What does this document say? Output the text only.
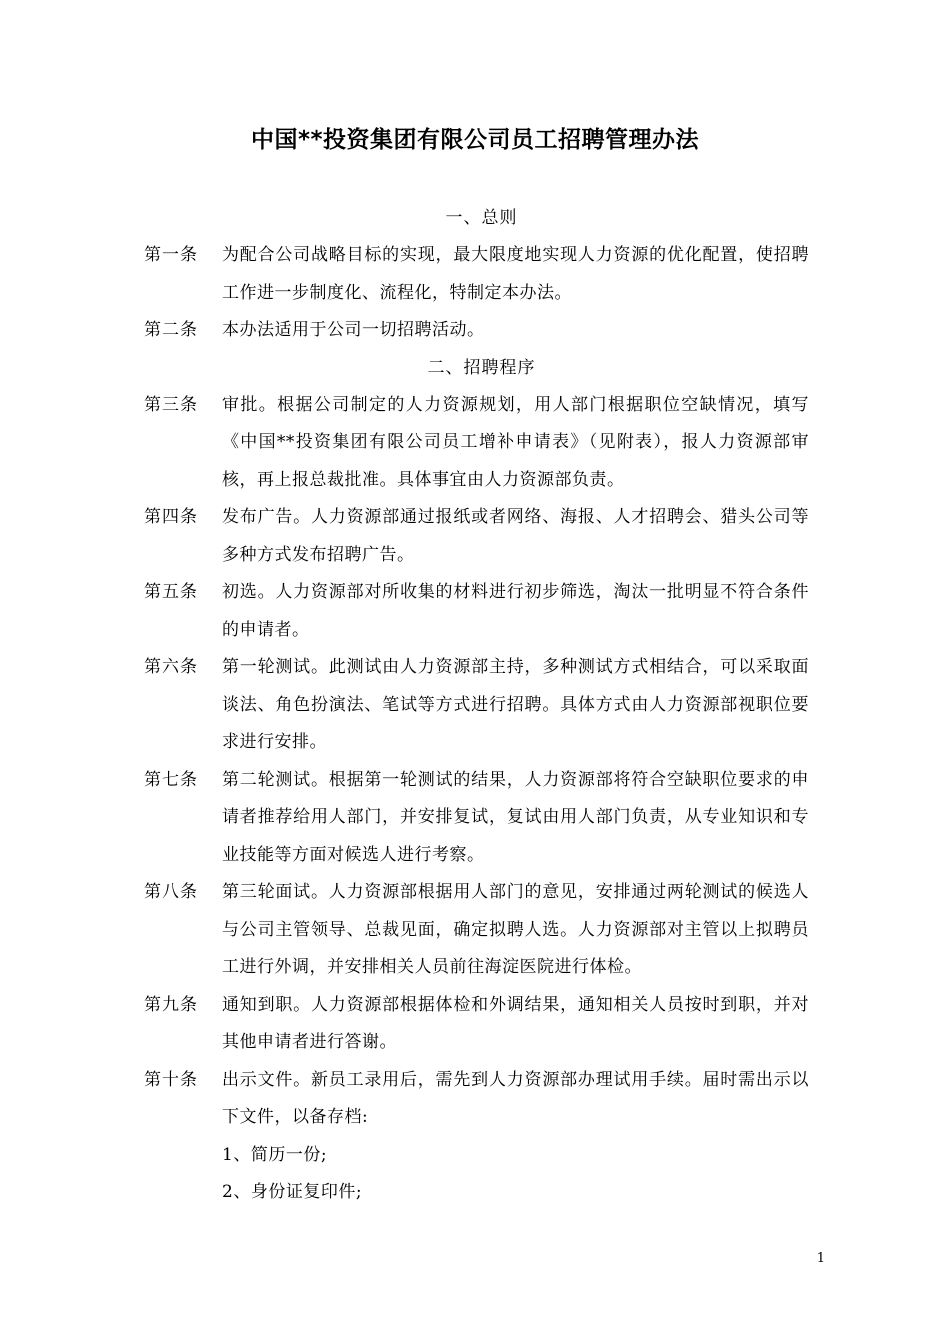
中国**投资集团有限公司员工招聘管理办法
一、总则
第一条	为配合公司战略目标的实现，最大限度地实现人力资源的优化配置，使招聘工作进一步制度化、流程化，特制定本办法。
第二条	本办法适用于公司一切招聘活动。
二、招聘程序
第三条	审批。根据公司制定的人力资源规划，用人部门根据职位空缺情况，填写《中国**投资集团有限公司员工增补申请表》（见附表），报人力资源部审核，再上报总裁批准。具体事宜由人力资源部负责。
第四条	发布广告。人力资源部通过报纸或者网络、海报、人才招聘会、猎头公司等多种方式发布招聘广告。
第五条	初选。人力资源部对所收集的材料进行初步筛选，淘汰一批明显不符合条件的申请者。
第六条	第一轮测试。此测试由人力资源部主持，多种测试方式相结合，可以采取面谈法、角色扮演法、笔试等方式进行招聘。具体方式由人力资源部视职位要求进行安排。
第七条	第二轮测试。根据第一轮测试的结果，人力资源部将符合空缺职位要求的申请者推荐给用人部门，并安排复试，复试由用人部门负责，从专业知识和专业技能等方面对候选人进行考察。
第八条	第三轮面试。人力资源部根据用人部门的意见，安排通过两轮测试的候选人与公司主管领导、总裁见面，确定拟聘人选。人力资源部对主管以上拟聘员工进行外调，并安排相关人员前往海淀医院进行体检。
第九条	通知到职。人力资源部根据体检和外调结果，通知相关人员按时到职，并对其他申请者进行答谢。
第十条	出示文件。新员工录用后，需先到人力资源部办理试用手续。届时需出示以下文件，以备存档:
1、简历一份;
2、身份证复印件;
1
